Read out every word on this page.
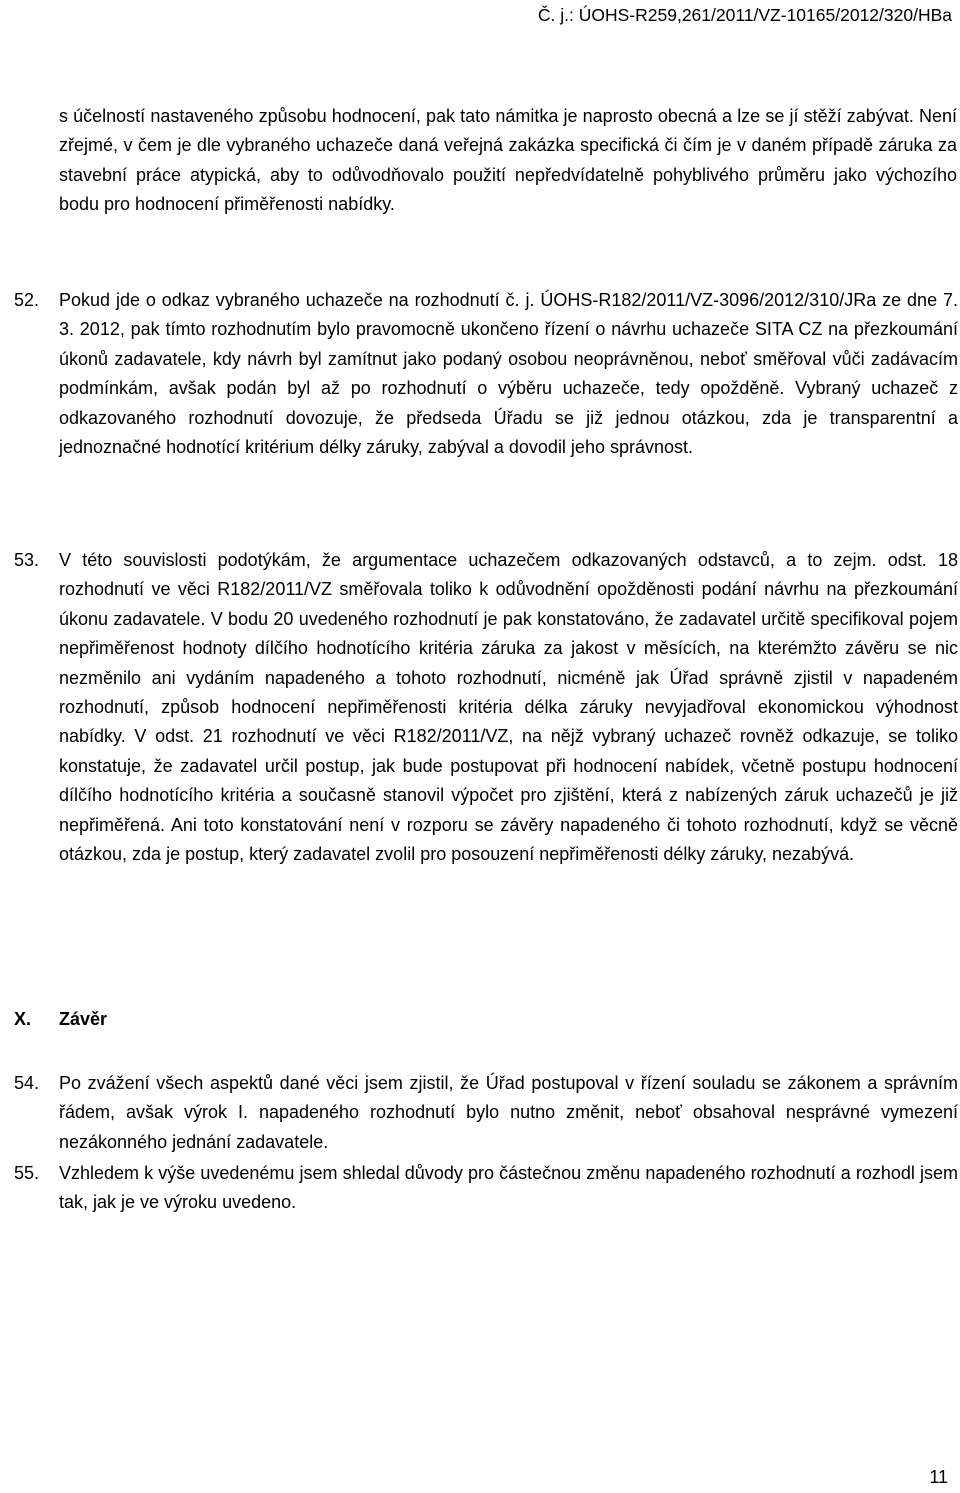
Č. j.: ÚOHS-R259,261/2011/VZ-10165/2012/320/HBa

s účelností nastaveného způsobu hodnocení, pak tato námitka je naprosto obecná a lze se jí stěží zabývat. Není zřejmé, v čem je dle vybraného uchazeče daná veřejná zakázka specifická či čím je v daném případě záruka za stavební práce atypická, aby to odůvodňovalo použití nepředvídatelně pohyblivého průměru jako výchozího bodu pro hodnocení přiměřenosti nabídky.

52. Pokud jde o odkaz vybraného uchazeče na rozhodnutí č. j. ÚOHS-R182/2011/VZ-3096/2012/310/JRa ze dne 7. 3. 2012, pak tímto rozhodnutím bylo pravomocně ukončeno řízení o návrhu uchazeče SITA CZ na přezkoumání úkonů zadavatele, kdy návrh byl zamítnut jako podaný osobou neoprávněnou, neboť směřoval vůči zadávacím podmínkám, avšak podán byl až po rozhodnutí o výběru uchazeče, tedy opožděně. Vybraný uchazeč z odkazovaného rozhodnutí dovozuje, že předseda Úřadu se již jednou otázkou, zda je transparentní a jednoznačné hodnotící kritérium délky záruky, zabýval a dovodil jeho správnost.

53. V této souvislosti podotýkám, že argumentace uchazečem odkazovaných odstavců, a to zejm. odst. 18 rozhodnutí ve věci R182/2011/VZ směřovala toliko k odůvodnění opožděnosti podání návrhu na přezkoumání úkonu zadavatele. V bodu 20 uvedeného rozhodnutí je pak konstatováno, že zadavatel určitě specifikoval pojem nepřiměřenost hodnoty dílčího hodnotícího kritéria záruka za jakost v měsících, na kterémžto závěru se nic nezměnilo ani vydáním napadeného a tohoto rozhodnutí, nicméně jak Úřad správně zjistil v napadeném rozhodnutí, způsob hodnocení nepřiměřenosti kritéria délka záruky nevyjadřoval ekonomickou výhodnost nabídky. V odst. 21 rozhodnutí ve věci R182/2011/VZ, na nějž vybraný uchazeč rovněž odkazuje, se toliko konstatuje, že zadavatel určil postup, jak bude postupovat při hodnocení nabídek, včetně postupu hodnocení dílčího hodnotícího kritéria a současně stanovil výpočet pro zjištění, která z nabízených záruk uchazečů je již nepřiměřená. Ani toto konstatování není v rozporu se závěry napadeného či tohoto rozhodnutí, když se věcně otázkou, zda je postup, který zadavatel zvolil pro posouzení nepřiměřenosti délky záruky, nezabývá.

X. Závěr
54. Po zvážení všech aspektů dané věci jsem zjistil, že Úřad postupoval v řízení souladu se zákonem a správním řádem, avšak výrok I. napadeného rozhodnutí bylo nutno změnit, neboť obsahoval nesprávné vymezení nezákonného jednání zadavatele.

55. Vzhledem k výše uvedenému jsem shledal důvody pro částečnou změnu napadeného rozhodnutí a rozhodl jsem tak, jak je ve výroku uvedeno.

11
